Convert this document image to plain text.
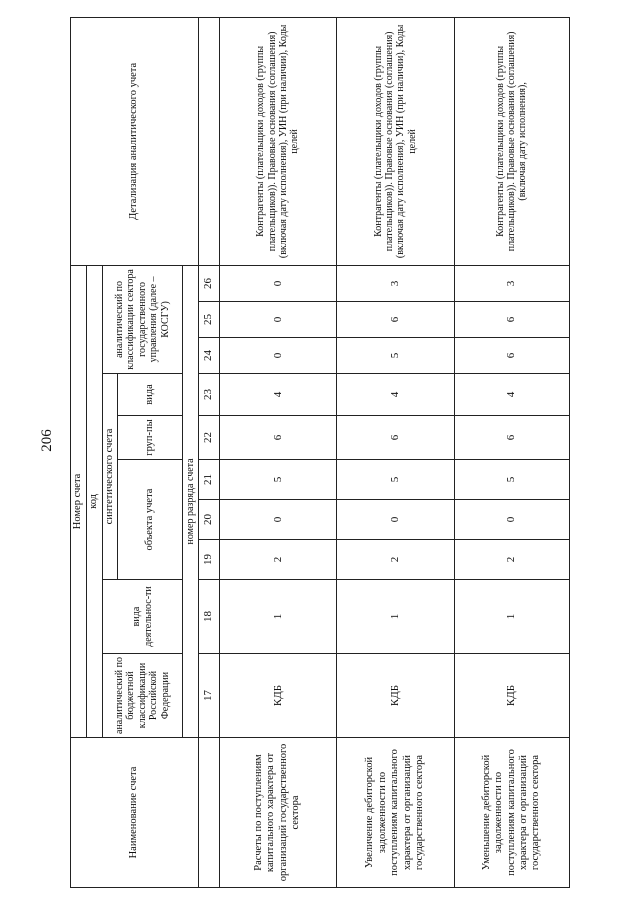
206
Наименование счета	Номер счета										Детализация аналитического учета
	код										
	аналитический по бюджетной классификации Российской Федерации	вида деятельнос-ти	синтетического счета					аналитический по классификации сектора государственного управления (далее – КОСГУ)			
			объекта учета			груп-пы	вида				
	номер разряда счета										
	17	18	19	20	21	22	23	24	25	26	
Расчеты по поступлениям капитального характера от организаций государственного сектора	КДБ	1	2	0	5	6	4	0	0	0	Контрагенты (плательщики доходов (группы плательщиков)). Правовые основания (соглашения) (включая дату исполнения), УИН (при наличии), Коды целей
Увеличение дебиторской задолженности по поступлениям капитального характера от организаций государственного сектора	КДБ	1	2	0	5	6	4	5	6	3	Контрагенты (плательщики доходов (группы плательщиков)). Правовые основания (соглашения) (включая дату исполнения), УИН (при наличии), Коды целей
Уменьшение дебиторской задолженности по поступлениям капитального характера от организаций государственного сектора	КДБ	1	2	0	5	6	4	6	6	3	Контрагенты (плательщики доходов (группы плательщиков)). Правовые основания (соглашения) (включая дату исполнения),
